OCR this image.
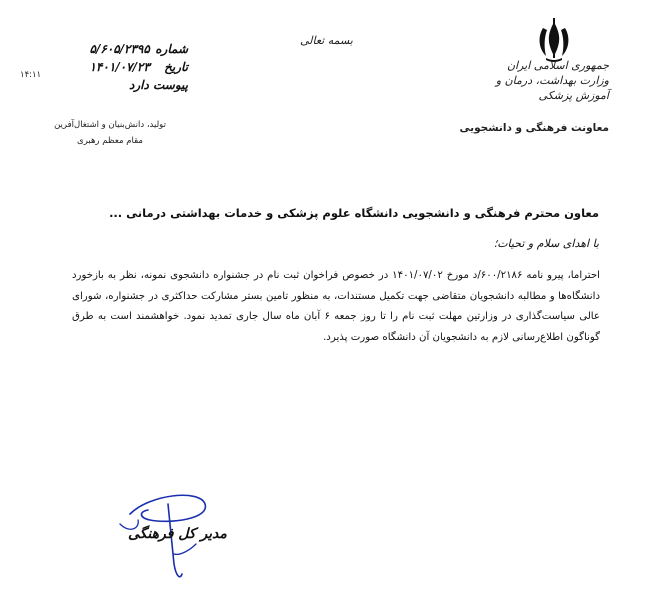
جمهوری اسلامی ایران
وزارت بهداشت، درمان و آموزش پزشکی
معاونت فرهنگی و دانشجویی
بسمه تعالی
شماره ۵/۶۰۵/۲۳۹۵
تاریخ ۱۴۰۱/۰۷/۲۳
پیوست دارد
۱۴:۱۱
تولید، دانش‌بنیان و اشتغال‌آفرین
مقام معظم رهبری
معاون محترم فرهنگی و دانشجویی دانشگاه علوم پزشکی و خدمات بهداشتی درمانی ...
با اهدای سلام و تحیات؛
احتراما، پیرو نامه ۶۰۰/۲۱۸۶/د مورخ ۱۴۰۱/۰۷/۰۲ در خصوص فراخوان ثبت نام در جشنواره دانشجوی نمونه، نظر به بازخورد دانشگاه‌ها و مطالبه دانشجویان متقاضی جهت تکمیل مستندات، به منظور تامین بستر مشارکت حداکثری در جشنواره، شورای عالی سیاست‌گذاری در وزارتین مهلت ثبت نام را تا روز جمعه ۶ آبان ماه سال جاری تمدید نمود. خواهشمند است به طرق گوناگون اطلاع‌رسانی لازم به دانشجویان آن دانشگاه صورت پذیرد.
مدیر کل فرهنگی
